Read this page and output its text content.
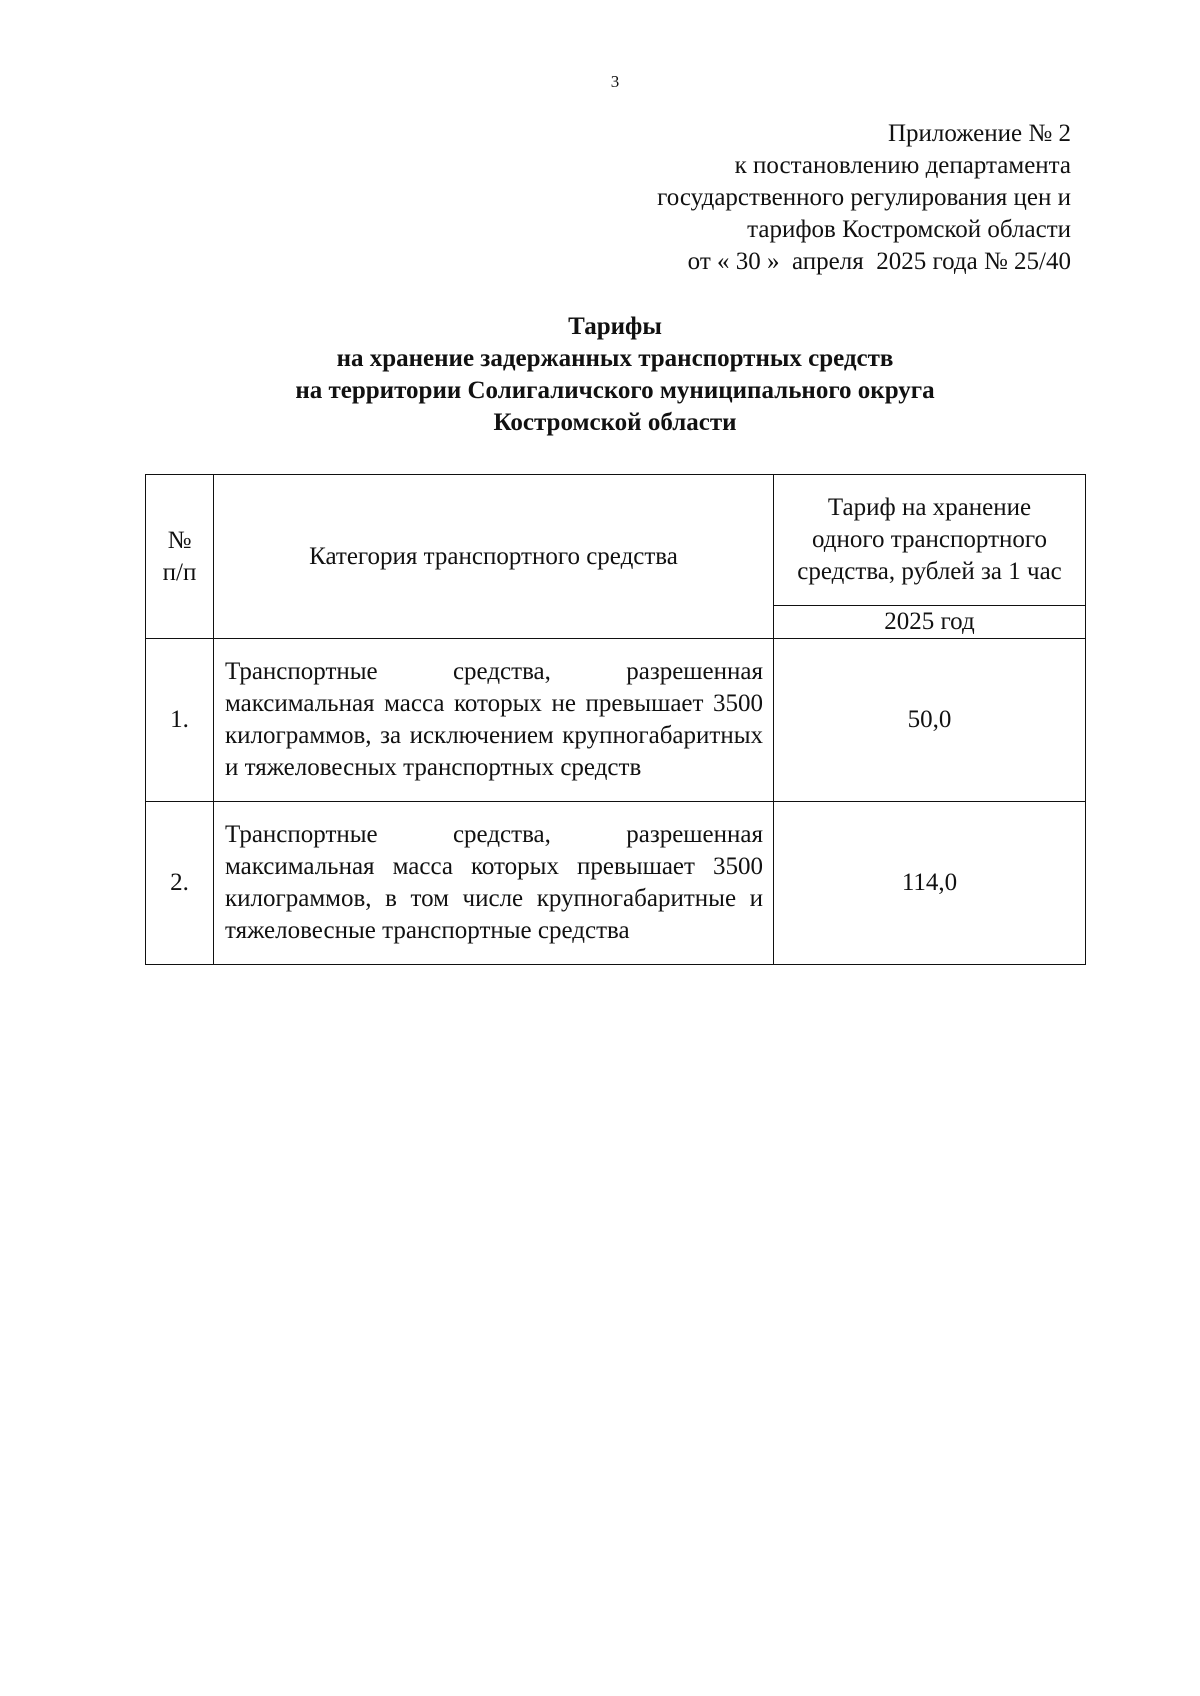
3
Приложение № 2
к постановлению департамента
государственного регулирования цен и
тарифов Костромской области
от « 30 »  апреля  2025 года № 25/40
Тарифы
на хранение задержанных транспортных средств
на территории Солигаличского муниципального округа
Костромской области
№ п/п	Категория транспортного средства	Тариф на хранение одного транспортного средства, рублей за 1 час

		2025 год
1.	Транспортные средства, разрешенная максимальная масса которых не превышает 3500 килограммов, за исключением крупногабаритных и тяжеловесных транспортных средств	50,0
2.	Транспортные средства, разрешенная максимальная масса которых превышает 3500 килограммов, в том числе крупногабаритные и тяжеловесные транспортные средства	114,0
